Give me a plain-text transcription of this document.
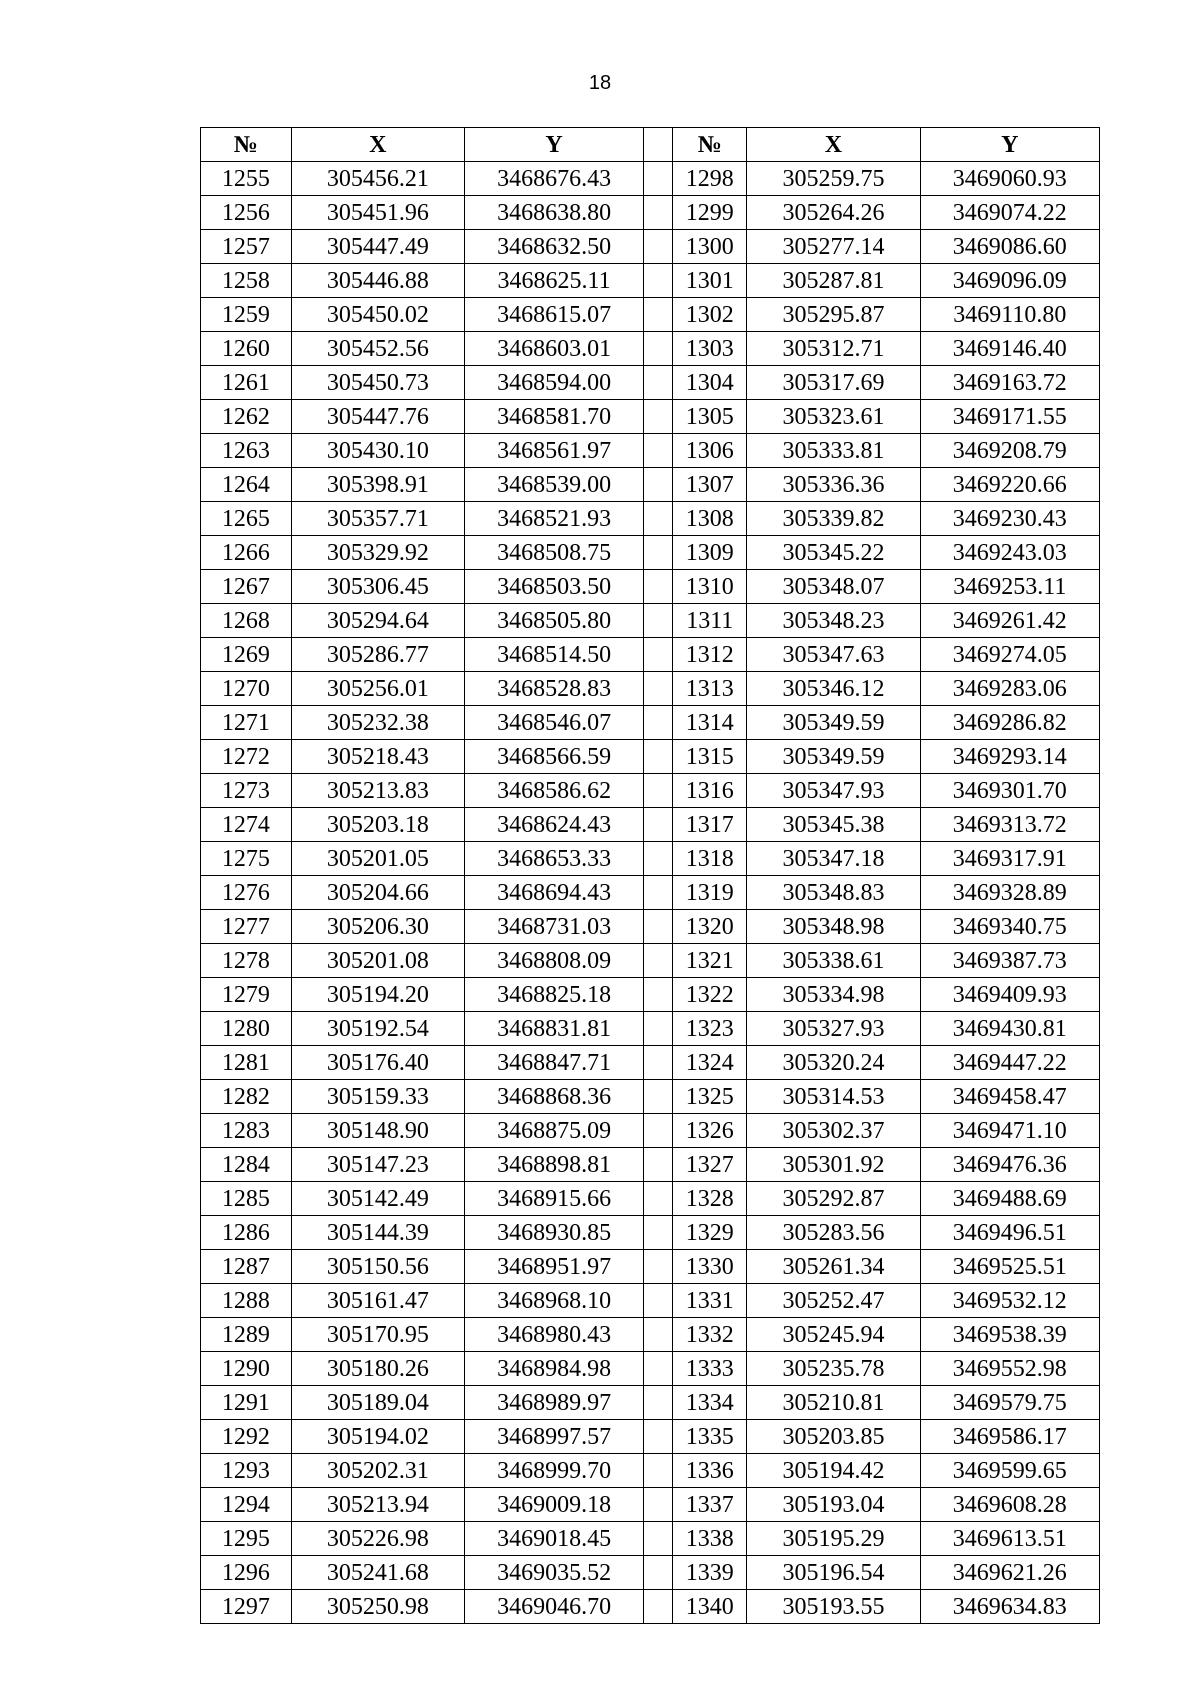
18
№	X	Y		№	X	Y
1255	305456.21	3468676.43		1298	305259.75	3469060.93
1256	305451.96	3468638.80		1299	305264.26	3469074.22
1257	305447.49	3468632.50		1300	305277.14	3469086.60
1258	305446.88	3468625.11		1301	305287.81	3469096.09
1259	305450.02	3468615.07		1302	305295.87	3469110.80
1260	305452.56	3468603.01		1303	305312.71	3469146.40
1261	305450.73	3468594.00		1304	305317.69	3469163.72
1262	305447.76	3468581.70		1305	305323.61	3469171.55
1263	305430.10	3468561.97		1306	305333.81	3469208.79
1264	305398.91	3468539.00		1307	305336.36	3469220.66
1265	305357.71	3468521.93		1308	305339.82	3469230.43
1266	305329.92	3468508.75		1309	305345.22	3469243.03
1267	305306.45	3468503.50		1310	305348.07	3469253.11
1268	305294.64	3468505.80		1311	305348.23	3469261.42
1269	305286.77	3468514.50		1312	305347.63	3469274.05
1270	305256.01	3468528.83		1313	305346.12	3469283.06
1271	305232.38	3468546.07		1314	305349.59	3469286.82
1272	305218.43	3468566.59		1315	305349.59	3469293.14
1273	305213.83	3468586.62		1316	305347.93	3469301.70
1274	305203.18	3468624.43		1317	305345.38	3469313.72
1275	305201.05	3468653.33		1318	305347.18	3469317.91
1276	305204.66	3468694.43		1319	305348.83	3469328.89
1277	305206.30	3468731.03		1320	305348.98	3469340.75
1278	305201.08	3468808.09		1321	305338.61	3469387.73
1279	305194.20	3468825.18		1322	305334.98	3469409.93
1280	305192.54	3468831.81		1323	305327.93	3469430.81
1281	305176.40	3468847.71		1324	305320.24	3469447.22
1282	305159.33	3468868.36		1325	305314.53	3469458.47
1283	305148.90	3468875.09		1326	305302.37	3469471.10
1284	305147.23	3468898.81		1327	305301.92	3469476.36
1285	305142.49	3468915.66		1328	305292.87	3469488.69
1286	305144.39	3468930.85		1329	305283.56	3469496.51
1287	305150.56	3468951.97		1330	305261.34	3469525.51
1288	305161.47	3468968.10		1331	305252.47	3469532.12
1289	305170.95	3468980.43		1332	305245.94	3469538.39
1290	305180.26	3468984.98		1333	305235.78	3469552.98
1291	305189.04	3468989.97		1334	305210.81	3469579.75
1292	305194.02	3468997.57		1335	305203.85	3469586.17
1293	305202.31	3468999.70		1336	305194.42	3469599.65
1294	305213.94	3469009.18		1337	305193.04	3469608.28
1295	305226.98	3469018.45		1338	305195.29	3469613.51
1296	305241.68	3469035.52		1339	305196.54	3469621.26
1297	305250.98	3469046.70		1340	305193.55	3469634.83
